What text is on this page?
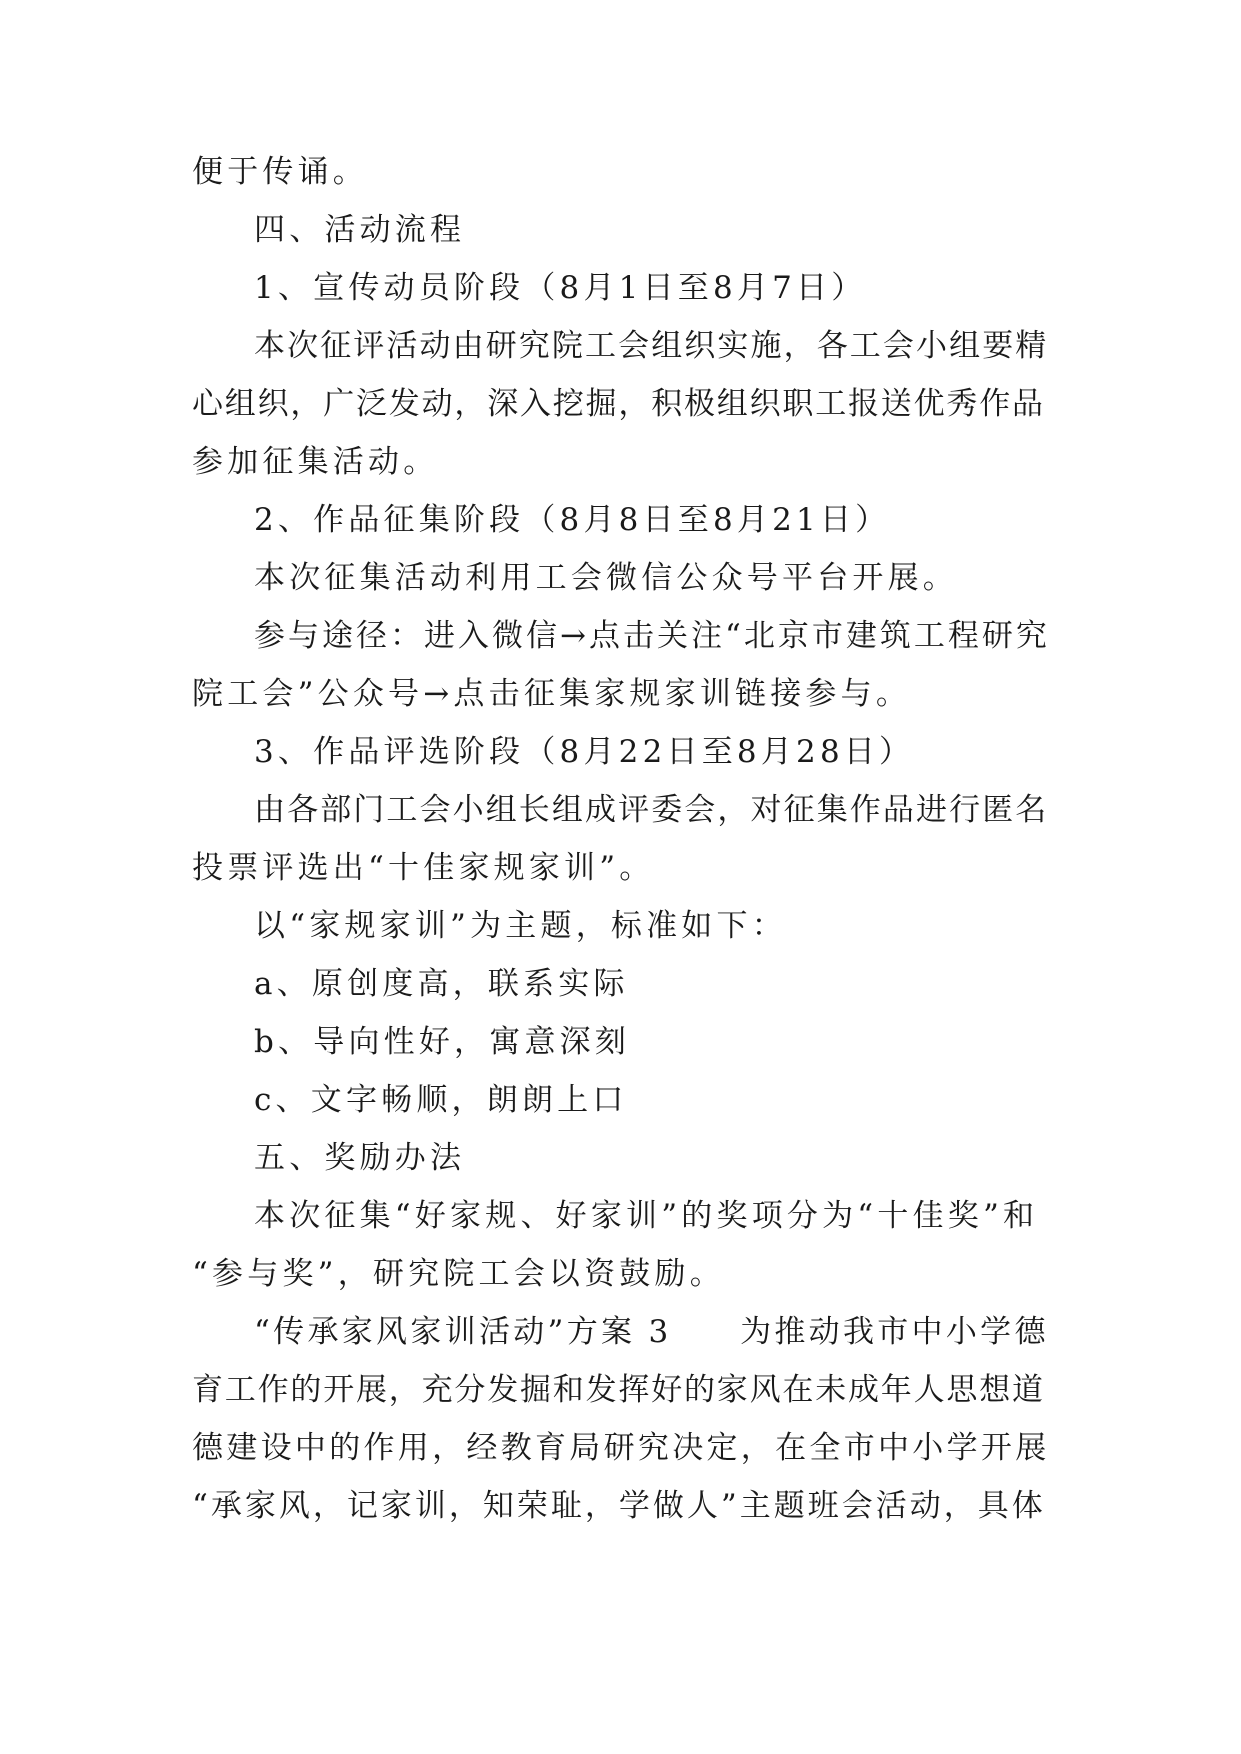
便于传诵。
四、活动流程
1、宣传动员阶段（8月1日至8月7日）
本次征评活动由研究院工会组织实施，各工会小组要精
心组织，广泛发动，深入挖掘，积极组织职工报送优秀作品
参加征集活动。
2、作品征集阶段（8月8日至8月21日）
本次征集活动利用工会微信公众号平台开展。
参与途径：进入微信→点击关注“北京市建筑工程研究
院工会”公众号→点击征集家规家训链接参与。
3、作品评选阶段（8月22日至8月28日）
由各部门工会小组长组成评委会，对征集作品进行匿名
投票评选出“十佳家规家训”。
以“家规家训”为主题，标准如下：
a、原创度高，联系实际
b、导向性好，寓意深刻
c、文字畅顺，朗朗上口
五、奖励办法
本次征集“好家规、好家训”的奖项分为“十佳奖”和
“参与奖”，研究院工会以资鼓励。
“传承家风家训活动”方案 3　　为推动我市中小学德
育工作的开展，充分发掘和发挥好的家风在未成年人思想道
德建设中的作用，经教育局研究决定，在全市中小学开展
“承家风，记家训，知荣耻，学做人”主题班会活动，具体
